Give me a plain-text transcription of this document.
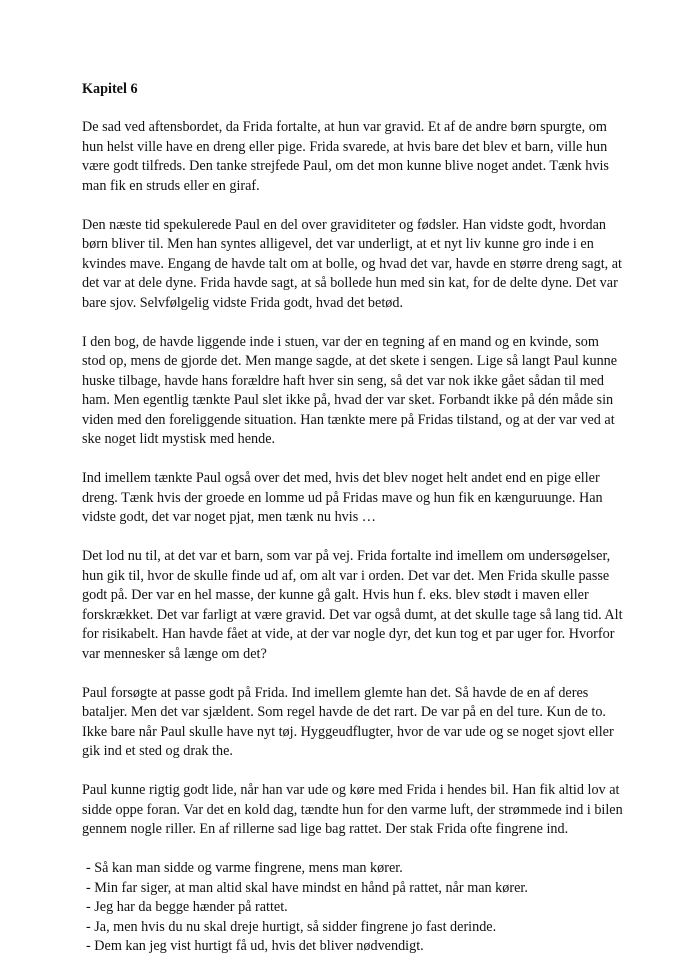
Kapitel 6
De sad ved aftensbordet, da Frida fortalte, at hun var gravid. Et af de andre børn spurgte, om
hun helst ville have en dreng eller pige. Frida svarede, at hvis bare det blev et barn, ville hun
være godt tilfreds. Den tanke strejfede Paul, om det mon kunne blive noget andet. Tænk hvis
man fik en struds eller en giraf.
Den næste tid spekulerede Paul en del over graviditeter og fødsler. Han vidste godt, hvordan
børn bliver til. Men han syntes alligevel, det var underligt, at et nyt liv kunne gro inde i en
kvindes mave. Engang de havde talt om at bolle, og hvad det var, havde en større dreng sagt, at
det var at dele dyne. Frida havde sagt, at så bollede hun med sin kat, for de delte dyne. Det var
bare sjov. Selvfølgelig vidste Frida godt, hvad det betød.
I den bog, de havde liggende inde i stuen, var der en tegning af en mand og en kvinde, som
stod op, mens de gjorde det. Men mange sagde, at det skete i sengen. Lige så langt Paul kunne
huske tilbage, havde hans forældre haft hver sin seng, så det var nok ikke gået sådan til med
ham. Men egentlig tænkte Paul slet ikke på, hvad der var sket. Forbandt ikke på dén måde sin
viden med den foreliggende situation. Han tænkte mere på Fridas tilstand, og at der var ved at
ske noget lidt mystisk med hende.
Ind imellem tænkte Paul også over det med, hvis det blev noget helt andet end en pige eller
dreng. Tænk hvis der groede en lomme ud på Fridas mave og hun fik en kænguruunge. Han
vidste godt, det var noget pjat, men tænk nu hvis …
Det lod nu til, at det var et barn, som var på vej. Frida fortalte ind imellem om undersøgelser,
hun gik til, hvor de skulle finde ud af, om alt var i orden. Det var det. Men Frida skulle passe
godt på. Der var en hel masse, der kunne gå galt. Hvis hun f. eks. blev stødt i maven eller
forskrækket. Det var farligt at være gravid. Det var også dumt, at det skulle tage så lang tid. Alt
for risikabelt. Han havde fået at vide, at der var nogle dyr, det kun tog et par uger for. Hvorfor
var mennesker så længe om det?
Paul forsøgte at passe godt på Frida. Ind imellem glemte han det. Så havde de en af deres
batalјer. Men det var sjældent. Som regel havde de det rart. De var på en del ture. Kun de to.
Ikke bare når Paul skulle have nyt tøj. Hyggeudflugter, hvor de var ude og se noget sjovt eller
gik ind et sted og drak the.
Paul kunne rigtig godt lide, når han var ude og køre med Frida i hendes bil. Han fik altid lov at
sidde oppe foran. Var det en kold dag, tændte hun for den varme luft, der strømmede ind i bilen
gennem nogle riller. En af rillerne sad lige bag rattet. Der stak Frida ofte fingrene ind.
- Så kan man sidde og varme fingrene, mens man kører.
- Min far siger, at man altid skal have mindst en hånd på rattet, når man kører.
- Jeg har da begge hænder på rattet.
- Ja, men hvis du nu skal dreje hurtigt, så sidder fingrene jo fast derinde.
- Dem kan jeg vist hurtigt få ud, hvis det bliver nødvendigt.
